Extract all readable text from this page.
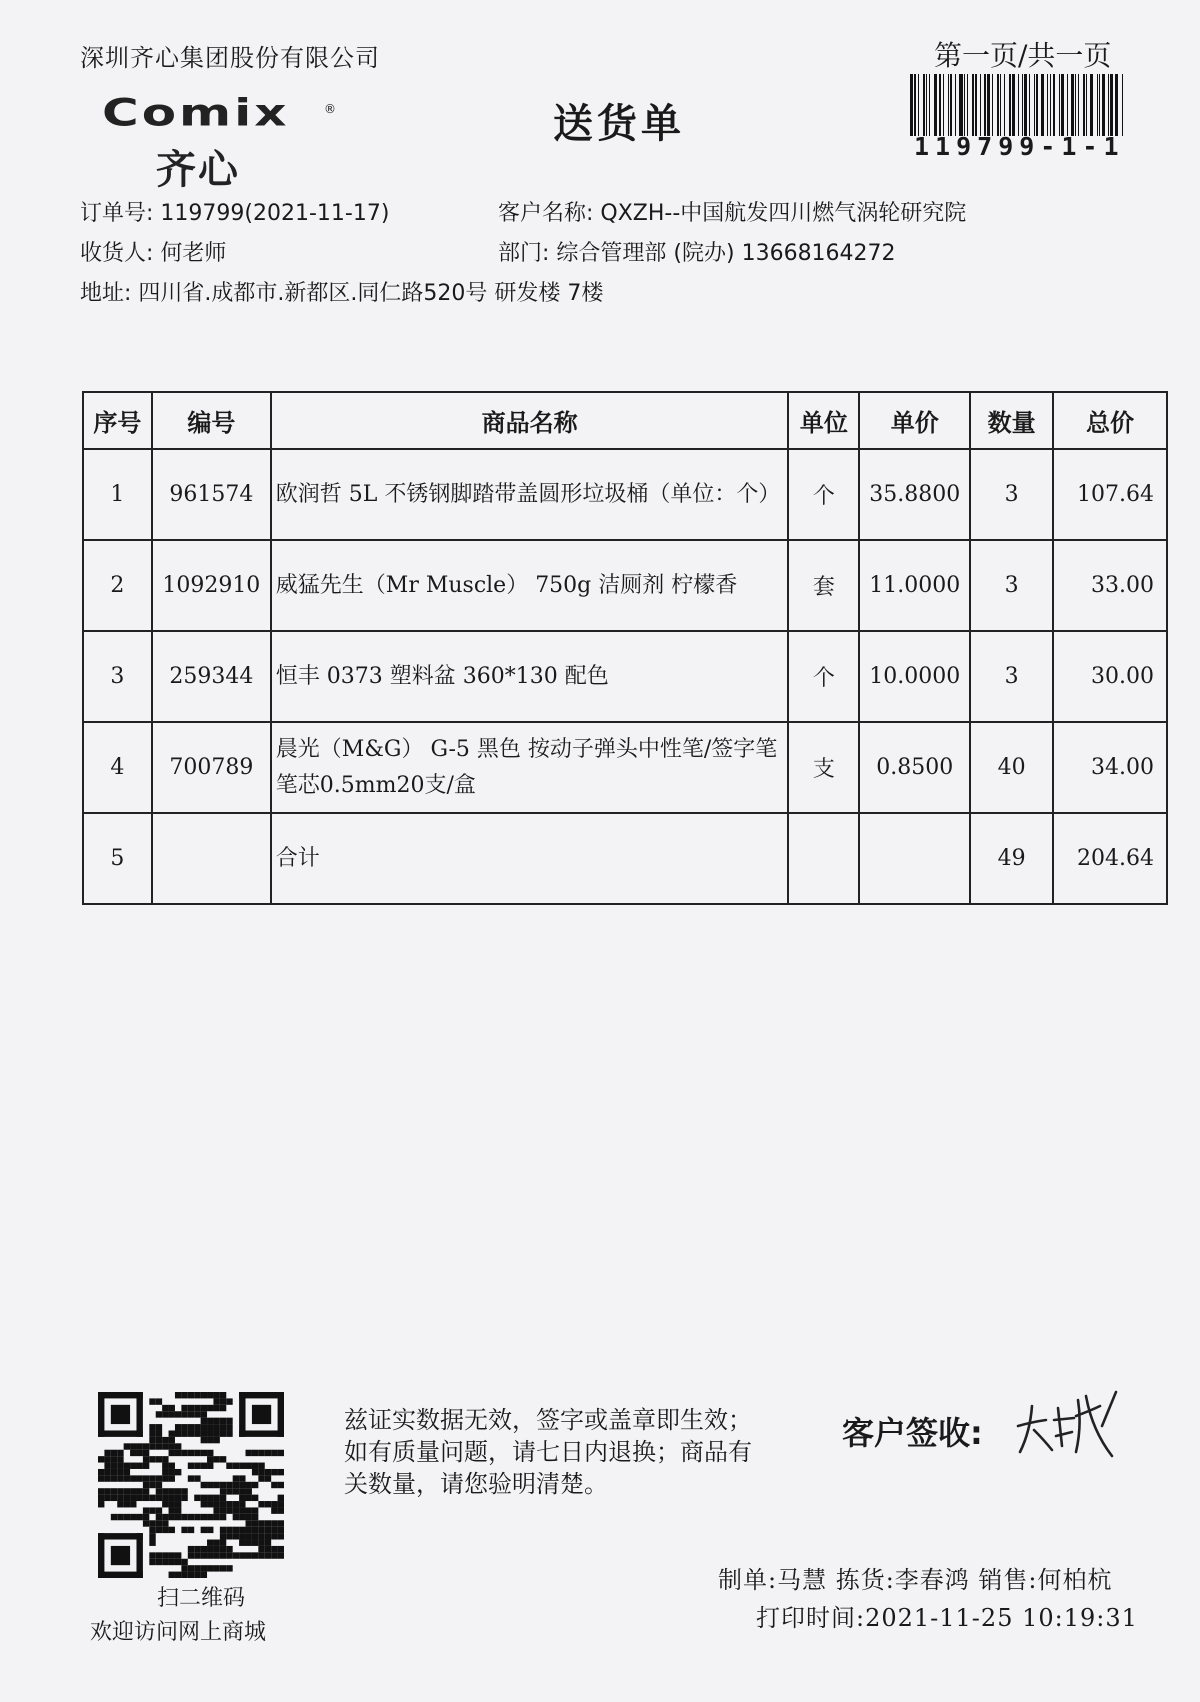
深圳齐心集团股份有限公司	第一页/共一页
Comix	®
齐心
送货单	119799-1-1
订单号: 119799(2021-11-17)	客户名称: QXZH--中国航发四川燃气涡轮研究院
收货人: 何老师	部门: 综合管理部 (院办) 13668164272
地址: 四川省.成都市.新都区.同仁路520号 研发楼 7楼
序号	编号	商品名称	单位	单价	数量	总价
1	961574	欧润哲 5L 不锈钢脚踏带盖圆形垃圾桶（单位：个）	个	35.8800	3	107.64
2	1092910	威猛先生（Mr Muscle） 750g 洁厕剂 柠檬香	套	11.0000	3	33.00
3	259344	恒丰 0373 塑料盆 360*130 配色	个	10.0000	3	30.00
4	700789	晨光（M&G） G-5 黑色 按动子弹头中性笔/签字笔笔芯0.5mm20支/盒	支	0.8500	40	34.00
5		合计			49	204.64
扫二维码
欢迎访问网上商城
兹证实数据无效，签字或盖章即生效；如有质量问题，请七日内退换；商品有关数量，请您验明清楚。
客户签收:
制单:马慧 拣货:李春鸿 销售:何柏杭
打印时间:2021-11-25 10:19:31
